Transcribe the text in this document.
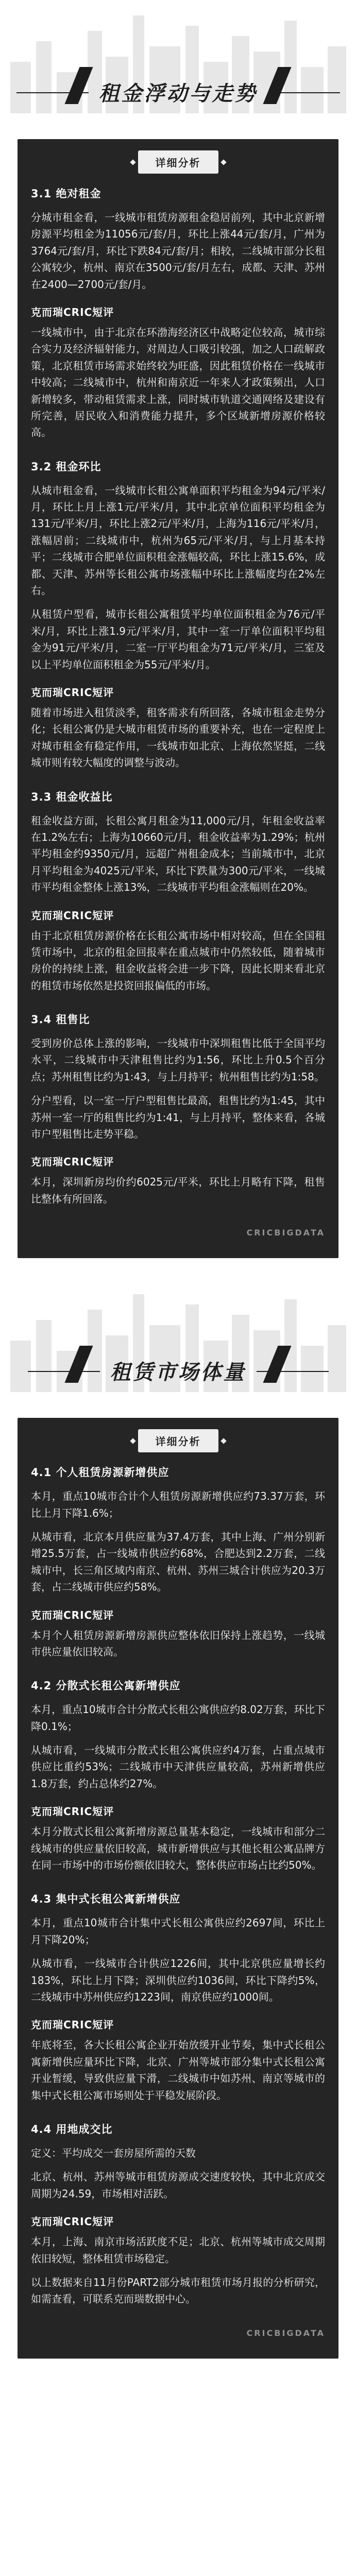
租金浮动与走势
详细分析
3.1 绝对租金
分城市租金看，一线城市租赁房源租金稳居前列，其中北京新增房源平均租金为11056元/套/月，环比上涨44元/套/月，广州为3764元/套/月，环比下跌84元/套/月；相较，二线城市部分长租公寓较少，杭州、南京在3500元/套/月左右，成都、天津、苏州在2400—2700元/套/月。
克而瑞CRIC短评
一线城市中，由于北京在环渤海经济区中战略定位较高，城市综合实力及经济辐射能力，对周边人口吸引较强，加之人口疏解政策，北京租赁市场需求始终较为旺盛，因此租赁价格在一线城市中较高；二线城市中，杭州和南京近一年来人才政策频出，人口新增较多，带动租赁需求上涨，同时城市轨道交通网络及建设有所完善，居民收入和消费能力提升，多个区域新增房源价格较高。
3.2 租金环比
从城市租金看，一线城市长租公寓单面积平均租金为94元/平米/月，环比上月上涨1元/平米/月，其中北京单位面积平均租金为131元/平米/月，环比上涨2元/平米/月，上海为116元/平米/月，涨幅居前；二线城市中，杭州为65元/平米/月，与上月基本持平；二线城市合肥单位面积租金涨幅较高，环比上涨15.6%，成都、天津、苏州等长租公寓市场涨幅中环比上涨幅度均在2%左右。
从租赁户型看，城市长租公寓租赁平均单位面积租金为76元/平米/月，环比上涨1.9元/平米/月，其中一室一厅单位面积平均租金为91元/平米/月，二室一厅平均租金为71元/平米/月，三室及以上平均单位面积租金为55元/平米/月。
克而瑞CRIC短评
随着市场进入租赁淡季，租客需求有所回落，各城市租金走势分化；长租公寓仍是大城市租赁市场的重要补充，也在一定程度上对城市租金有稳定作用，一线城市如北京、上海依然坚挺，二线城市则有较大幅度的调整与波动。
3.3 租金收益比
租金收益方面，长租公寓月租金为11,000元/月，年租金收益率在1.2%左右；上海为10660元/月，租金收益率为1.29%；杭州平均租金约9350元/月，远超广州租金成本；当前城市中，北京月平均租金为4025元/平米，环比下跌量为300元/平米，一线城市平均租金整体上涨13%，二线城市平均租金涨幅则在20%。
克而瑞CRIC短评
由于北京租赁房源价格在长租公寓市场中相对较高，但在全国租赁市场中，北京的租金回报率在重点城市中仍然较低，随着城市房价的持续上涨，租金收益将会进一步下降，因此长期来看北京的租赁市场依然是投资回报偏低的市场。
3.4 租售比
受到房价总体上涨的影响，一线城市中深圳租售比低于全国平均水平，二线城市中天津租售比约为1:56，环比上升0.5个百分点；苏州租售比约为1:43，与上月持平；杭州租售比约为1:58。
分户型看，以一室一厅户型租售比最高，租售比约为1:45，其中苏州一室一厅的租售比约为1:41，与上月持平，整体来看，各城市户型租售比走势平稳。
克而瑞CRIC短评
本月，深圳新房均价约6025元/平米，环比上月略有下降，租售比整体有所回落。
CRICBIGDATA
租赁市场体量
详细分析
4.1 个人租赁房源新增供应
本月，重点10城市合计个人租赁房源新增供应约73.37万套，环比上月下降1.6%；
从城市看，北京本月供应量为37.4万套，其中上海、广州分别新增25.5万套，占一线城市供应约68%，合肥达到2.2万套，二线城市中，长三角区域内南京、杭州、苏州三城合计供应为20.3万套，占二线城市供应约58%。
克而瑞CRIC短评
本月个人租赁房源新增房源供应整体依旧保持上涨趋势，一线城市供应量依旧较高。
4.2 分散式长租公寓新增供应
本月，重点10城市合计分散式长租公寓供应约8.02万套，环比下降0.1%；
从城市看，一线城市分散式长租公寓供应约4万套，占重点城市供应比重约53%；二线城市中天津供应量较高，苏州新增供应1.8万套，约占总体约27%。
克而瑞CRIC短评
本月分散式长租公寓新增房源总量基本稳定，一线城市和部分二线城市的供应量依旧较高，城市新增供应与其他长租公寓品牌方在同一市场中的市场份额依旧较大，整体供应市场占比约50%。
4.3 集中式长租公寓新增供应
本月，重点10城市合计集中式长租公寓供应约2697间，环比上月下降20%；
从城市看，一线城市合计供应1226间，其中北京供应量增长约183%，环比上月下降；深圳供应约1036间，环比下降约5%，二线城市中苏州供应约1223间，南京供应约1000间。
克而瑞CRIC短评
年底将至，各大长租公寓企业开始放缓开业节奏，集中式长租公寓新增供应量环比下降，北京、广州等城市部分集中式长租公寓开业暂缓，导致供应量下滑，二线城市中如苏州、南京等城市的集中式长租公寓市场则处于平稳发展阶段。
4.4 用地成交比
定义：平均成交一套房屋所需的天数
北京、杭州、苏州等城市租赁房源成交速度较快，其中北京成交周期为24.59，市场相对活跃。
克而瑞CRIC短评
本月，上海、南京市场活跃度不足；北京、杭州等城市成交周期依旧较短，整体租赁市场稳定。
以上数据来自11月份PART2部分城市租赁市场月报的分析研究，如需查看，可联系克而瑞数据中心。
CRICBIGDATA
